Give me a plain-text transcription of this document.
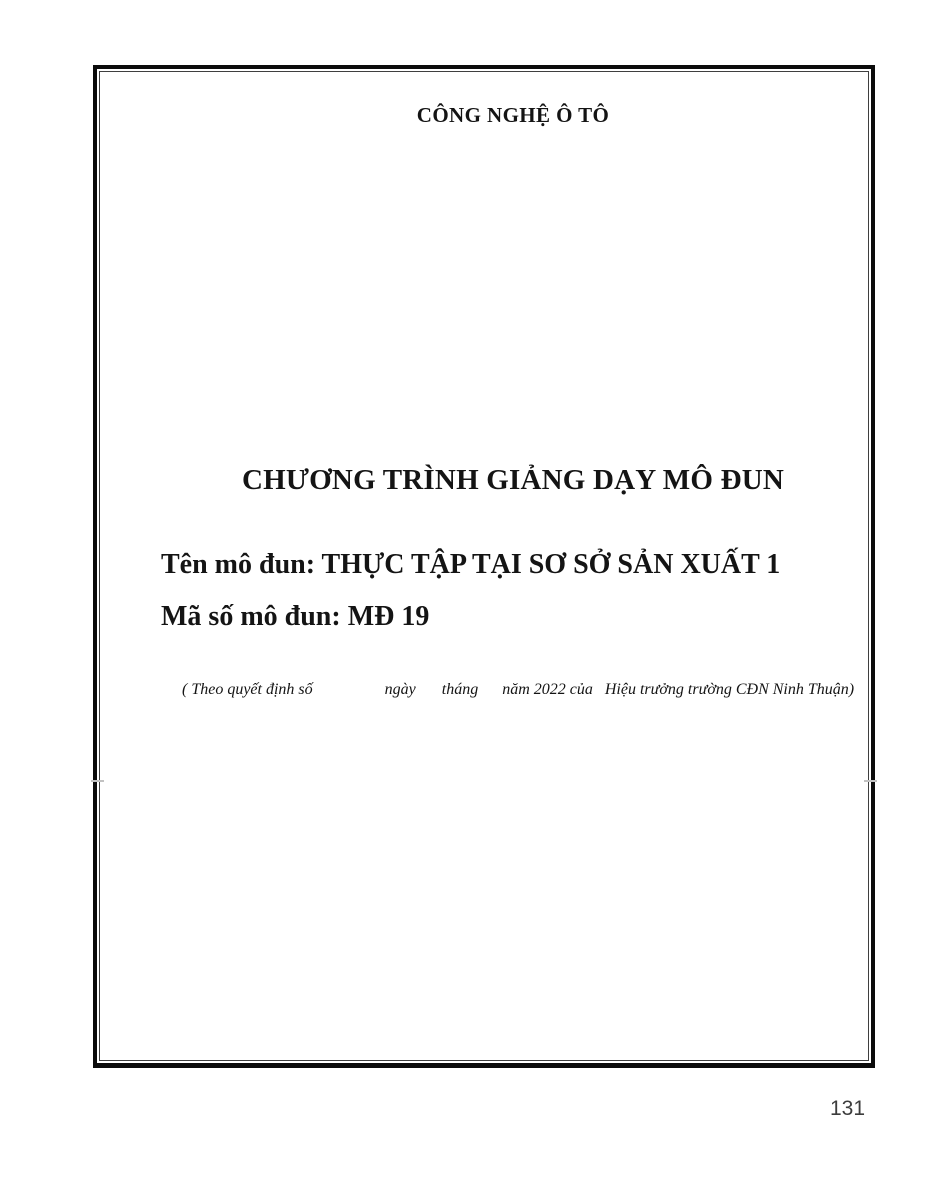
CÔNG NGHỆ Ô TÔ
CHƯƠNG TRÌNH GIẢNG DẠY MÔ ĐUN
Tên mô đun: THỰC TẬP TẠI SƠ SỞ SẢN XUẤT 1
Mã số mô đun: MĐ 19
( Theo quyết định số	ngày tháng năm 2022 của Hiệu trưởng trường CĐN Ninh Thuận)
131
